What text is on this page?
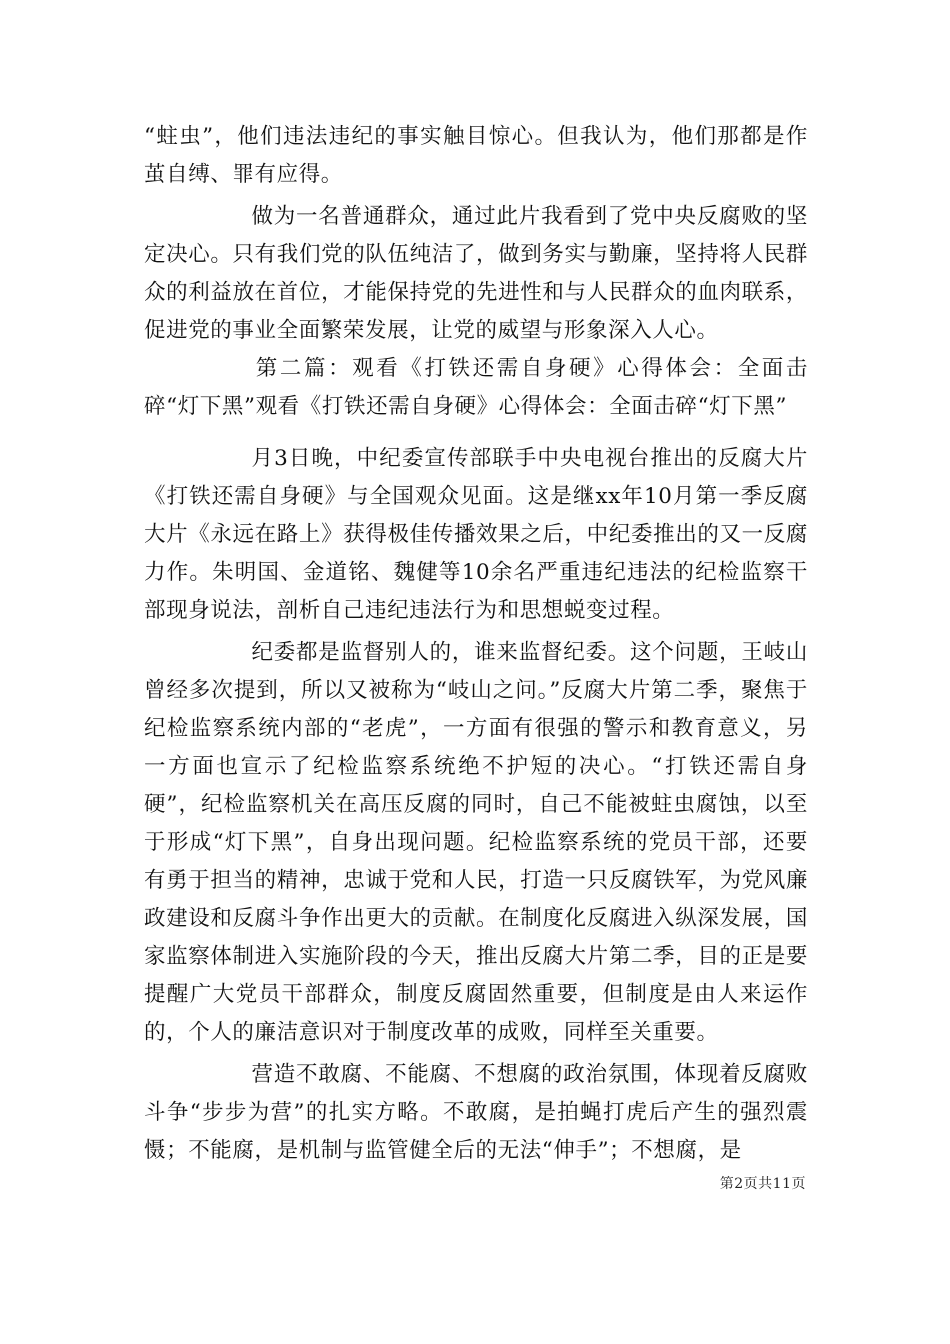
“蛀虫”，他们违法违纪的事实触目惊心。但我认为，他们那都是作茧自缚、罪有应得。

做为一名普通群众，通过此片我看到了党中央反腐败的坚定决心。只有我们党的队伍纯洁了，做到务实与勤廉，坚持将人民群众的利益放在首位，才能保持党的先进性和与人民群众的血肉联系，促进党的事业全面繁荣发展，让党的威望与形象深入人心。

第二篇：观看《打铁还需自身硬》心得体会：全面击碎“灯下黑”观看《打铁还需自身硬》心得体会：全面击碎“灯下黑”

月3日晚，中纪委宣传部联手中央电视台推出的反腐大片《打铁还需自身硬》与全国观众见面。这是继xx年10月第一季反腐大片《永远在路上》获得极佳传播效果之后，中纪委推出的又一反腐力作。朱明国、金道铭、魏健等10余名严重违纪违法的纪检监察干部现身说法，剖析自己违纪违法行为和思想蜕变过程。

纪委都是监督别人的，谁来监督纪委。这个问题，王岐山曾经多次提到，所以又被称为“岐山之问。”反腐大片第二季，聚焦于纪检监察系统内部的“老虎”，一方面有很强的警示和教育意义，另一方面也宣示了纪检监察系统绝不护短的决心。“打铁还需自身硬”，纪检监察机关在高压反腐的同时，自己不能被蛀虫腐蚀，以至于形成“灯下黑”，自身出现问题。纪检监察系统的党员干部，还要有勇于担当的精神，忠诚于党和人民，打造一只反腐铁军，为党风廉政建设和反腐斗争作出更大的贡献。在制度化反腐进入纵深发展，国家监察体制进入实施阶段的今天，推出反腐大片第二季，目的正是要提醒广大党员干部群众，制度反腐固然重要，但制度是由人来运作的，个人的廉洁意识对于制度改革的成败，同样至关重要。

营造不敢腐、不能腐、不想腐的政治氛围，体现着反腐败斗争“步步为营”的扎实方略。不敢腐，是拍蝇打虎后产生的强烈震慑；不能腐，是机制与监管健全后的无法“伸手”；不想腐，是

第2页共11页
